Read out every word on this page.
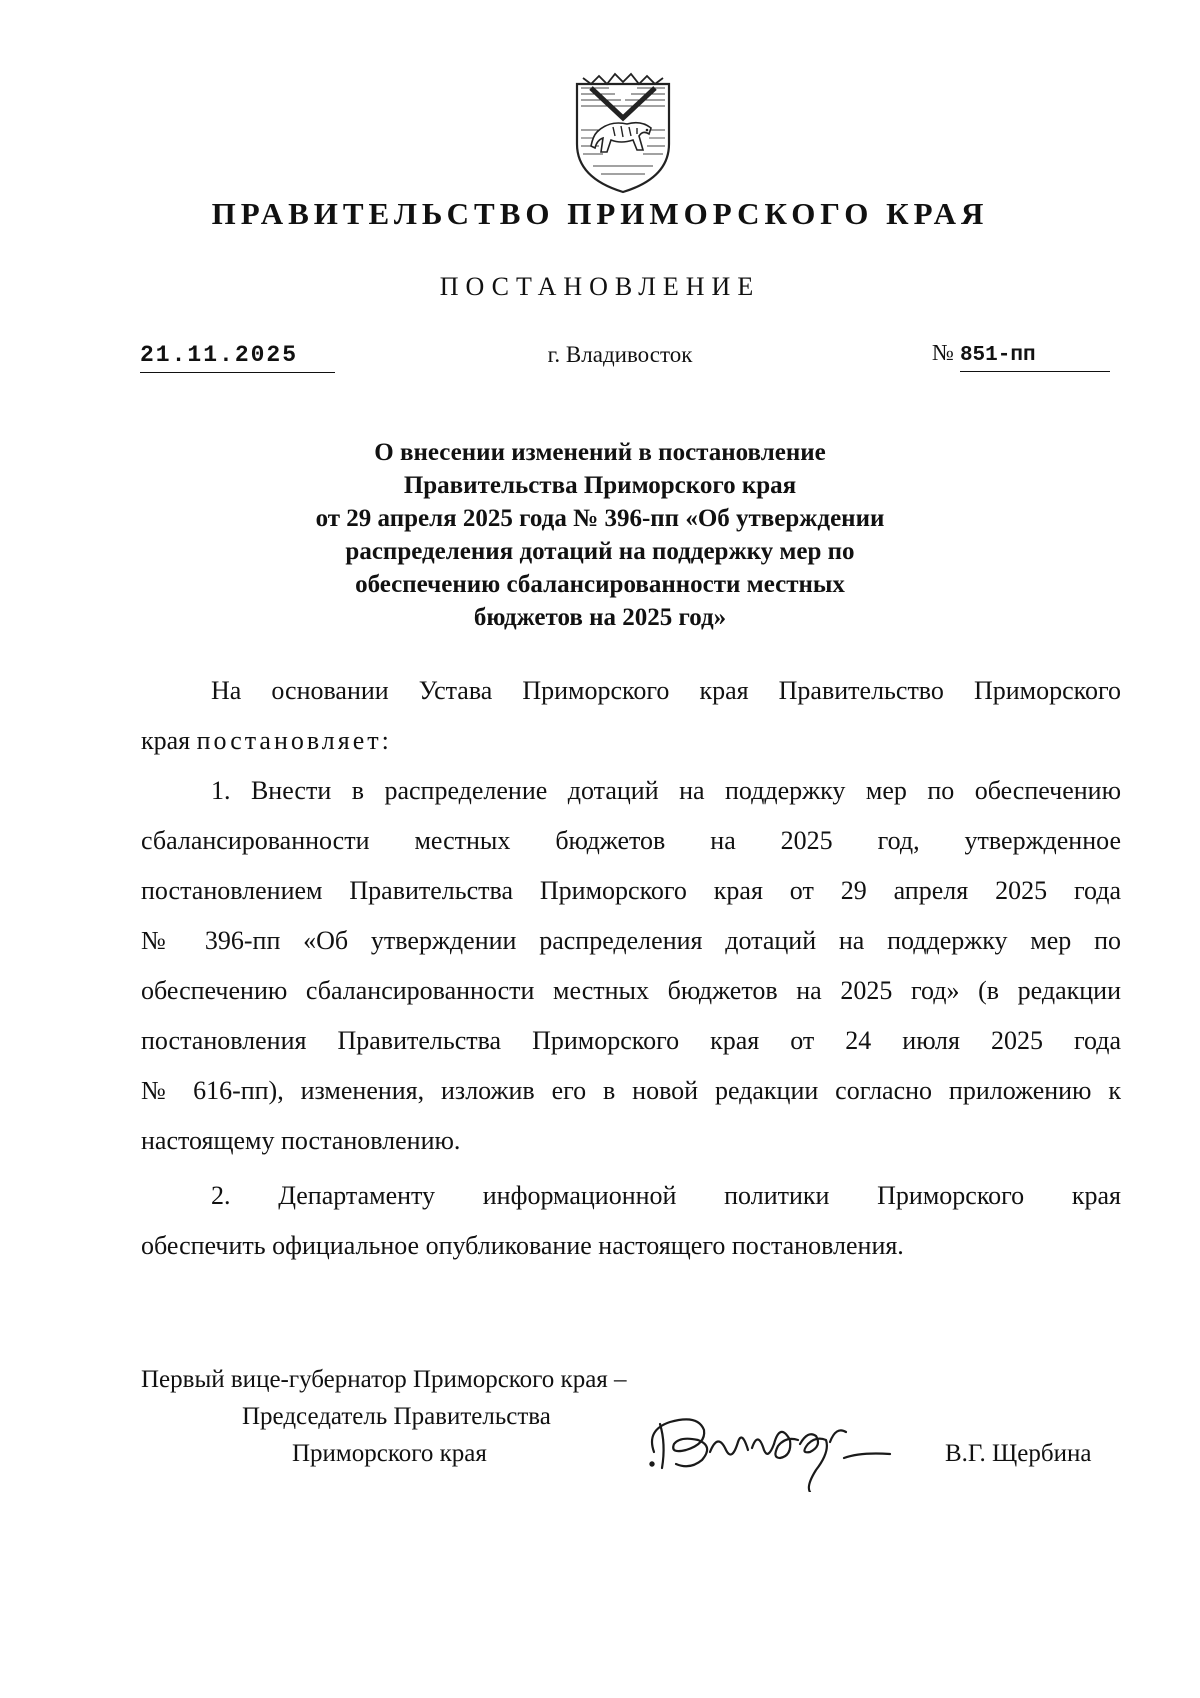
ПРАВИТЕЛЬСТВО ПРИМОРСКОГО КРАЯ
ПОСТАНОВЛЕНИЕ
21.11.2025	г. Владивосток	№ 851-пп
О внесении изменений в постановление
Правительства Приморского края
от 29 апреля 2025 года № 396-пп «Об утверждении
распределения дотаций на поддержку мер по
обеспечению сбалансированности местных
бюджетов на 2025 год»
На основании Устава Приморского края Правительство Приморского
края постановляет:
1. Внести в распределение дотаций на поддержку мер по обеспечению
сбалансированности местных бюджетов на 2025 год, утвержденное
постановлением Правительства Приморского края от 29 апреля 2025 года
№ 396-пп «Об утверждении распределения дотаций на поддержку мер по
обеспечению сбалансированности местных бюджетов на 2025 год» (в редакции
постановления Правительства Приморского края от 24 июля 2025 года
№ 616-пп), изменения, изложив его в новой редакции согласно приложению к
настоящему постановлению.
2. Департаменту информационной политики Приморского края
обеспечить официальное опубликование настоящего постановления.
Первый вице-губернатор Приморского края –
Председатель Правительства
Приморского края	В.Г. Щербина
